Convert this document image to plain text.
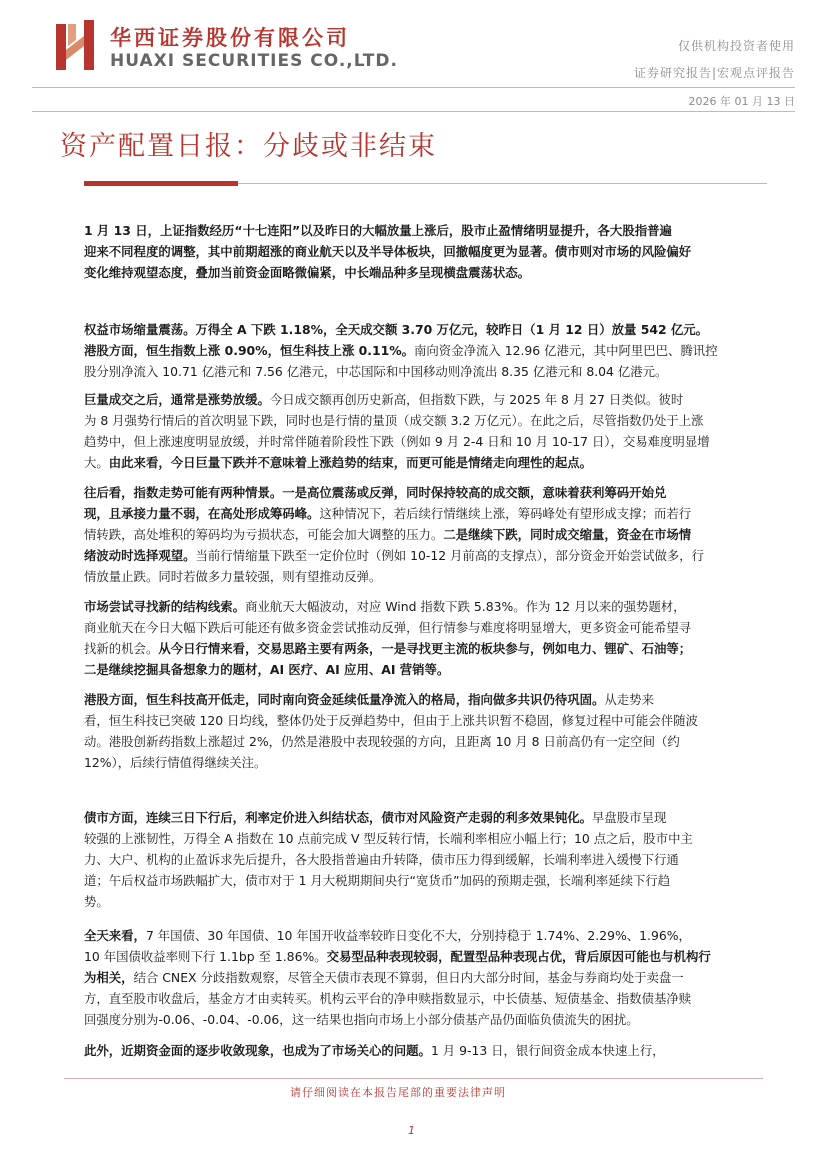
华西证券股份有限公司
HUAXI SECURITIES CO.,LTD.
仅供机构投资者使用
证券研究报告|宏观点评报告
2026 年 01 月 13 日
资产配置日报：分歧或非结束
1 月 13 日，上证指数经历“十七连阳”以及昨日的大幅放量上涨后，股市止盈情绪明显提升，各大股指普遍
迎来不同程度的调整，其中前期超涨的商业航天以及半导体板块，回撤幅度更为显著。债市则对市场的风险偏好
变化维持观望态度，叠加当前资金面略微偏紧，中长端品种多呈现横盘震荡状态。
权益市场缩量震荡。万得全 A 下跌 1.18%，全天成交额 3.70 万亿元，较昨日（1 月 12 日）放量 542 亿元。
港股方面，恒生指数上涨 0.90%，恒生科技上涨 0.11%。南向资金净流入 12.96 亿港元，其中阿里巴巴、腾讯控
股分别净流入 10.71 亿港元和 7.56 亿港元，中芯国际和中国移动则净流出 8.35 亿港元和 8.04 亿港元。
巨量成交之后，通常是涨势放缓。今日成交额再创历史新高，但指数下跌，与 2025 年 8 月 27 日类似。彼时
为 8 月强势行情后的首次明显下跌，同时也是行情的量顶（成交额 3.2 万亿元）。在此之后，尽管指数仍处于上涨
趋势中，但上涨速度明显放缓，并时常伴随着阶段性下跌（例如 9 月 2-4 日和 10 月 10-17 日），交易难度明显增
大。由此来看，今日巨量下跌并不意味着上涨趋势的结束，而更可能是情绪走向理性的起点。
往后看，指数走势可能有两种情景。一是高位震荡或反弹，同时保持较高的成交额，意味着获利筹码开始兑
现，且承接力量不弱，在高处形成筹码峰。这种情况下，若后续行情继续上涨，筹码峰处有望形成支撑；而若行
情转跌，高处堆积的筹码均为亏损状态，可能会加大调整的压力。二是继续下跌，同时成交缩量，资金在市场情
绪波动时选择观望。当前行情缩量下跌至一定价位时（例如 10-12 月前高的支撑点），部分资金开始尝试做多，行
情放量止跌。同时若做多力量较强，则有望推动反弹。
市场尝试寻找新的结构线索。商业航天大幅波动，对应 Wind 指数下跌 5.83%。作为 12 月以来的强势题材，
商业航天在今日大幅下跌后可能还有做多资金尝试推动反弹，但行情参与难度将明显增大，更多资金可能希望寻
找新的机会。从今日行情来看，交易思路主要有两条，一是寻找更主流的板块参与，例如电力、锂矿、石油等；
二是继续挖掘具备想象力的题材，AI 医疗、AI 应用、AI 营销等。
港股方面，恒生科技高开低走，同时南向资金延续低量净流入的格局，指向做多共识仍待巩固。从走势来
看，恒生科技已突破 120 日均线，整体仍处于反弹趋势中，但由于上涨共识暂不稳固，修复过程中可能会伴随波
动。港股创新药指数上涨超过 2%，仍然是港股中表现较强的方向，且距离 10 月 8 日前高仍有一定空间（约
12%），后续行情值得继续关注。
债市方面，连续三日下行后，利率定价进入纠结状态，债市对风险资产走弱的利多效果钝化。早盘股市呈现
较强的上涨韧性，万得全 A 指数在 10 点前完成 V 型反转行情，长端利率相应小幅上行；10 点之后，股市中主
力、大户、机构的止盈诉求先后提升，各大股指普遍由升转降，债市压力得到缓解，长端利率进入缓慢下行通
道；午后权益市场跌幅扩大，债市对于 1 月大税期期间央行“宽货币”加码的预期走强，长端利率延续下行趋
势。
全天来看，7 年国债、30 年国债、10 年国开收益率较昨日变化不大，分别持稳于 1.74%、2.29%、1.96%，
10 年国债收益率则下行 1.1bp 至 1.86%。交易型品种表现较弱，配置型品种表现占优，背后原因可能也与机构行
为相关，结合 CNEX 分歧指数观察，尽管全天债市表现不算弱，但日内大部分时间，基金与券商均处于卖盘一
方，直至股市收盘后，基金方才由卖转买。机构云平台的净申赎指数显示，中长债基、短债基金、指数债基净赎
回强度分别为-0.06、-0.04、-0.06，这一结果也指向市场上小部分债基产品仍面临负债流失的困扰。
此外，近期资金面的逐步收敛现象，也成为了市场关心的问题。1 月 9-13 日，银行间资金成本快速上行，
请仔细阅读在本报告尾部的重要法律声明
1
